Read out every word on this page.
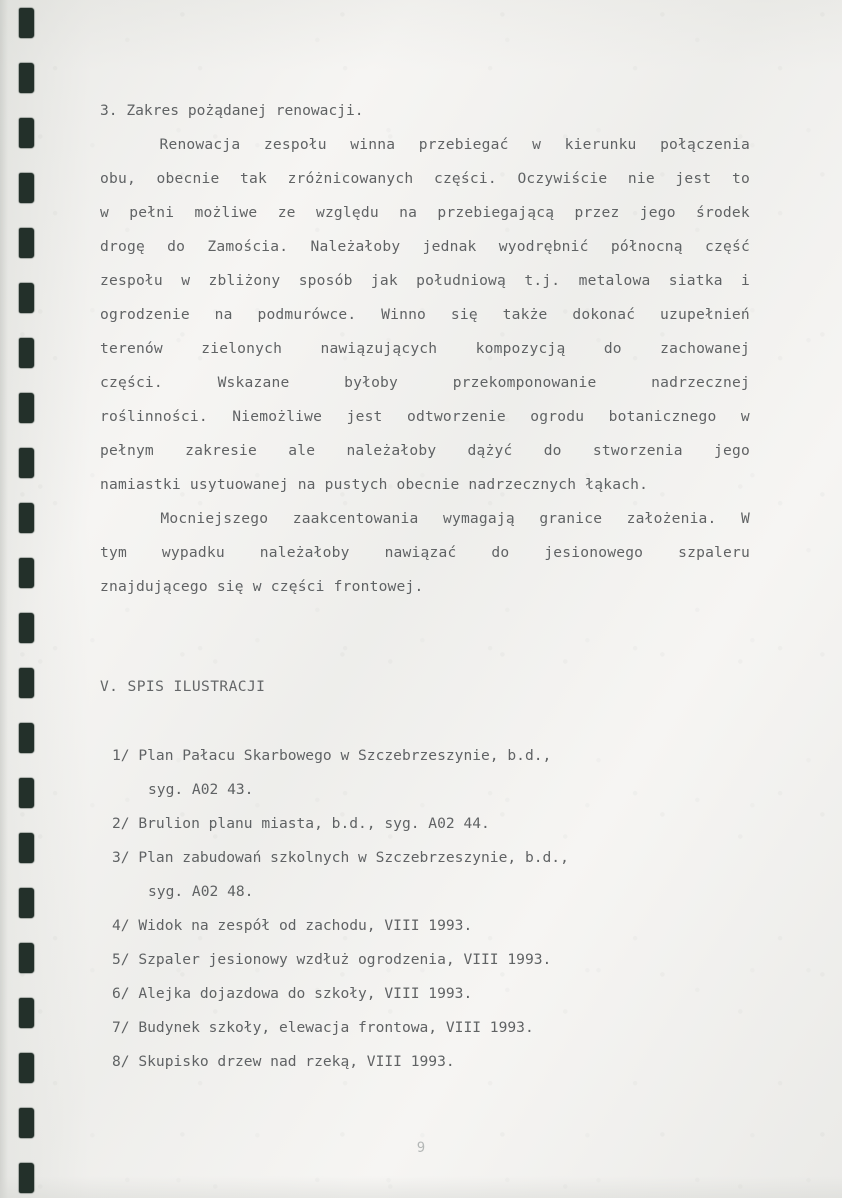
3. Zakres pożądanej renowacji.

Renowacja zespołu winna przebiegać w kierunku połączenia
obu, obecnie tak zróżnicowanych części. Oczywiście nie jest to
w pełni możliwe ze względu na przebiegającą przez jego środek
drogę do Zamościa. Należałoby jednak wyodrębnić północną część
zespołu w zbliżony sposób jak południową t.j. metalowa siatka i
ogrodzenie na podmurówce. Winno się także dokonać uzupełnień
terenów	zielonych	nawiązujących	kompozycją	do	zachowanej
części.	Wskazane	byłoby	przekomponowanie	nadrzecznej
roślinności. Niemożliwe jest odtworzenie ogrodu botanicznego w
pełnym zakresie ale należałoby dążyć do stworzenia jego
namiastki usytuowanej na pustych obecnie nadrzecznych łąkach.

Mocniejszego zaakcentowania wymagają granice założenia. W
tym wypadku należałoby nawiązać do jesionowego szpaleru
znajdującego się w części frontowej.
V. SPIS ILUSTRACJI
1/ Plan Pałacu Skarbowego w Szczebrzeszynie, b.d.,
syg. A02 43.
2/ Brulion planu miasta, b.d., syg. A02 44.
3/ Plan zabudowań szkolnych w Szczebrzeszynie, b.d.,
syg. A02 48.
4/ Widok na zespół od zachodu, VIII 1993.
5/ Szpaler jesionowy wzdłuż ogrodzenia, VIII 1993.
6/ Alejka dojazdowa do szkoły, VIII 1993.
7/ Budynek szkoły, elewacja frontowa, VIII 1993.
8/ Skupisko drzew nad rzeką, VIII 1993.
9
